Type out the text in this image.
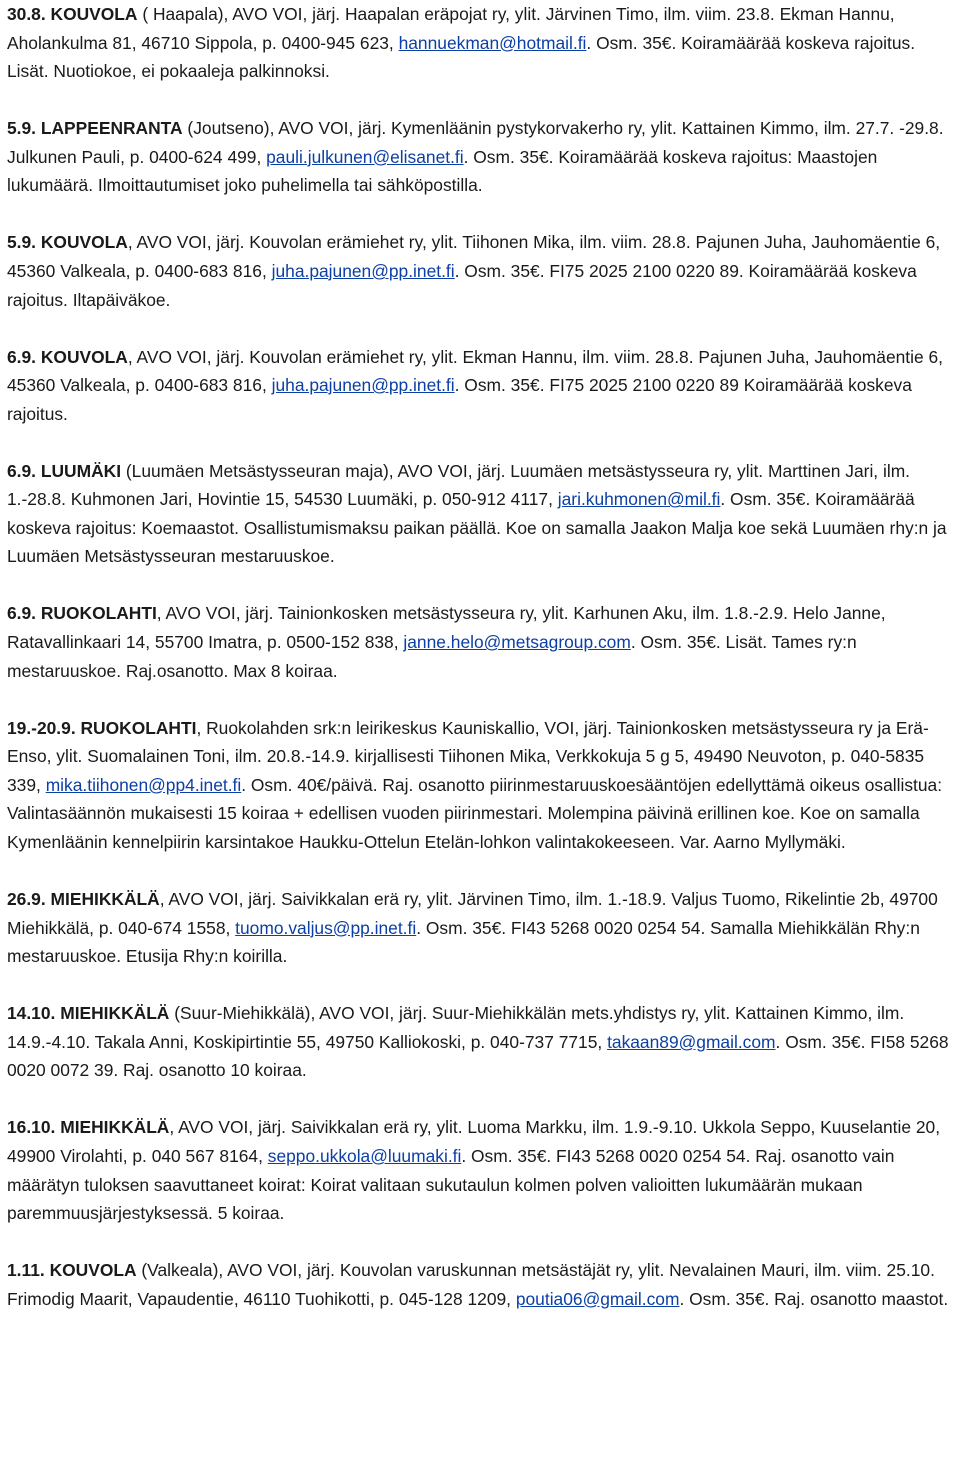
30.8. KOUVOLA ( Haapala), AVO VOI, järj. Haapalan eräpojat ry, ylit. Järvinen Timo, ilm. viim. 23.8. Ekman Hannu, Aholankulma 81, 46710 Sippola, p. 0400-945 623, hannuekman@hotmail.fi. Osm. 35€. Koiramäärää koskeva rajoitus. Lisät. Nuotiokoe, ei pokaaleja palkinnoksi.

5.9. LAPPEENRANTA (Joutseno), AVO VOI, järj. Kymenläänin pystykorvakerho ry, ylit. Kattainen Kimmo, ilm. 27.7. -29.8. Julkunen Pauli, p. 0400-624 499, pauli.julkunen@elisanet.fi. Osm. 35€. Koiramäärää koskeva rajoitus: Maastojen lukumäärä. Ilmoittautumiset joko puhelimella tai sähköpostilla.

5.9. KOUVOLA, AVO VOI, järj. Kouvolan erämiehet ry, ylit. Tiihonen Mika, ilm. viim. 28.8. Pajunen Juha, Jauhomäentie 6, 45360 Valkeala, p. 0400-683 816, juha.pajunen@pp.inet.fi. Osm. 35€. FI75 2025 2100 0220 89. Koiramäärää koskeva rajoitus. Iltapäiväkoe.

6.9. KOUVOLA, AVO VOI, järj. Kouvolan erämiehet ry, ylit. Ekman Hannu, ilm. viim. 28.8. Pajunen Juha, Jauhomäentie 6, 45360 Valkeala, p. 0400-683 816, juha.pajunen@pp.inet.fi. Osm. 35€. FI75 2025 2100 0220 89 Koiramäärää koskeva rajoitus.

6.9. LUUMÄKI (Luumäen Metsästysseuran maja), AVO VOI, järj. Luumäen metsästysseura ry, ylit. Marttinen Jari, ilm. 1.-28.8. Kuhmonen Jari, Hovintie 15, 54530 Luumäki, p. 050-912 4117, jari.kuhmonen@mil.fi. Osm. 35€. Koiramäärää koskeva rajoitus: Koemaastot. Osallistumismaksu paikan päällä. Koe on samalla Jaakon Malja koe sekä Luumäen rhy:n ja Luumäen Metsästysseuran mestaruuskoe.

6.9. RUOKOLAHTI, AVO VOI, järj. Tainionkosken metsästysseura ry, ylit. Karhunen Aku, ilm. 1.8.-2.9. Helo Janne, Ratavallinkaari 14, 55700 Imatra, p. 0500-152 838, janne.helo@metsagroup.com. Osm. 35€. Lisät. Tames ry:n mestaruuskoe. Raj.osanotto. Max 8 koiraa.

19.-20.9. RUOKOLAHTI, Ruokolahden srk:n leirikeskus Kauniskallio, VOI, järj. Tainionkosken metsästysseura ry ja Erä-Enso, ylit. Suomalainen Toni, ilm. 20.8.-14.9. kirjallisesti Tiihonen Mika, Verkkokuja 5 g 5, 49490 Neuvoton, p. 040-5835 339, mika.tiihonen@pp4.inet.fi. Osm. 40€/päivä. Raj. osanotto piirinmestaruuskoesääntöjen edellyttämä oikeus osallistua: Valintasäännön mukaisesti 15 koiraa + edellisen vuoden piirinmestari. Molempina päivinä erillinen koe. Koe on samalla Kymenläänin kennelpiirin karsintakoe Haukku-Ottelun Etelän-lohkon valintakokeeseen. Var. Aarno Myllymäki.

26.9. MIEHIKKÄLÄ, AVO VOI, järj. Saivikkalan erä ry, ylit. Järvinen Timo, ilm. 1.-18.9. Valjus Tuomo, Rikelintie 2b, 49700 Miehikkälä, p. 040-674 1558, tuomo.valjus@pp.inet.fi. Osm. 35€. FI43 5268 0020 0254 54. Samalla Miehikkälän Rhy:n mestaruuskoe. Etusija Rhy:n koirilla.

14.10. MIEHIKKÄLÄ (Suur-Miehikkälä), AVO VOI, järj. Suur-Miehikkälän mets.yhdistys ry, ylit. Kattainen Kimmo, ilm. 14.9.-4.10. Takala Anni, Koskipirtintie 55, 49750 Kalliokoski, p. 040-737 7715, takaan89@gmail.com. Osm. 35€. FI58 5268 0020 0072 39. Raj. osanotto 10 koiraa.

16.10. MIEHIKKÄLÄ, AVO VOI, järj. Saivikkalan erä ry, ylit. Luoma Markku, ilm. 1.9.-9.10. Ukkola Seppo, Kuuselantie 20, 49900 Virolahti, p. 040 567 8164, seppo.ukkola@luumaki.fi. Osm. 35€. FI43 5268 0020 0254 54. Raj. osanotto vain määrätyn tuloksen saavuttaneet koirat: Koirat valitaan sukutaulun kolmen polven valioitten lukumäärän mukaan paremmuusjärjestyksessä. 5 koiraa.

1.11. KOUVOLA (Valkeala), AVO VOI, järj. Kouvolan varuskunnan metsästäjät ry, ylit. Nevalainen Mauri, ilm. viim. 25.10. Frimodig Maarit, Vapaudentie, 46110 Tuohikotti, p. 045-128 1209, poutia06@gmail.com. Osm. 35€. Raj. osanotto maastot.
